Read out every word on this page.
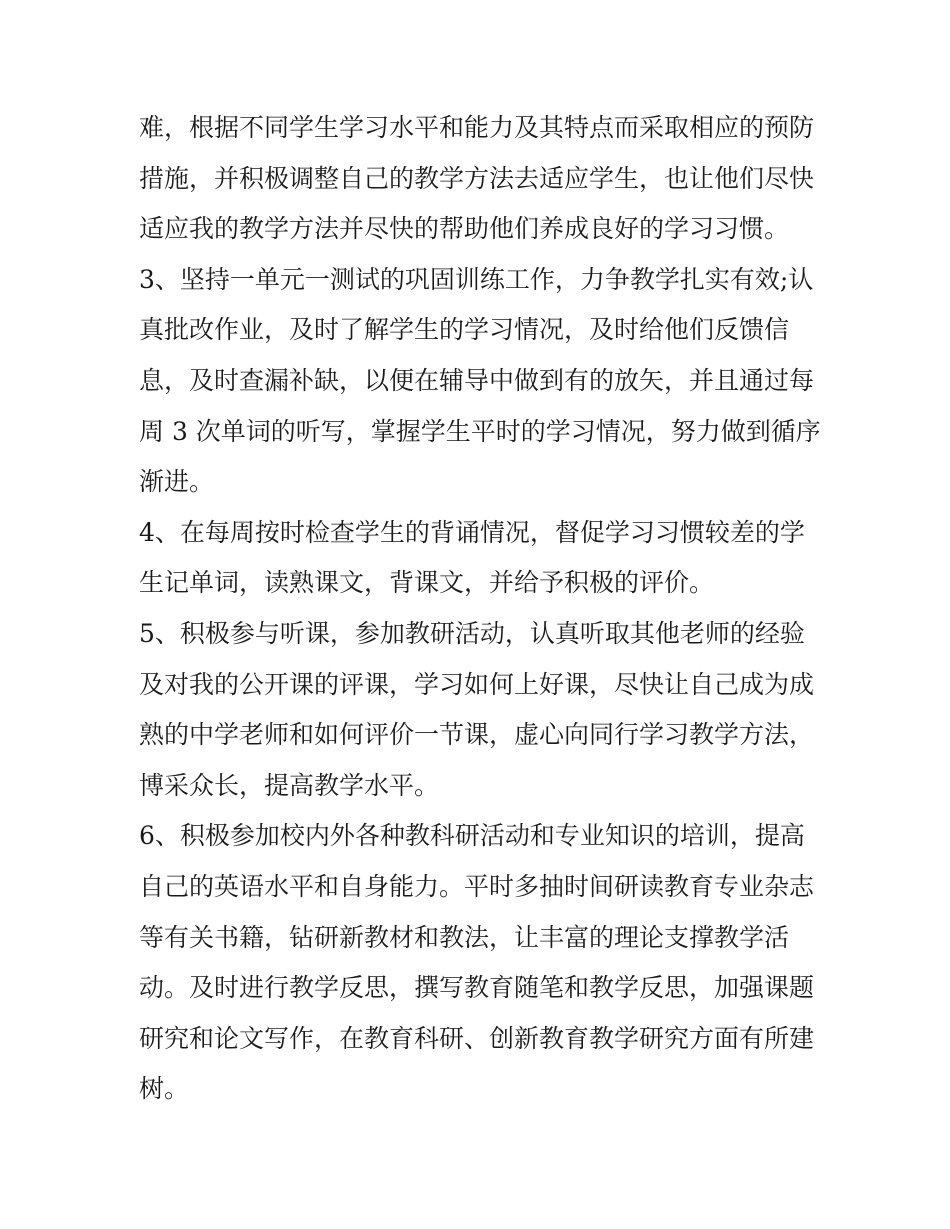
难，根据不同学生学习水平和能力及其特点而采取相应的预防
措施，并积极调整自己的教学方法去适应学生，也让他们尽快
适应我的教学方法并尽快的帮助他们养成良好的学习习惯。
3、坚持一单元一测试的巩固训练工作，力争教学扎实有效;认
真批改作业，及时了解学生的学习情况，及时给他们反馈信
息，及时查漏补缺，以便在辅导中做到有的放矢，并且通过每
周 3 次单词的听写，掌握学生平时的学习情况，努力做到循序
渐进。
4、在每周按时检查学生的背诵情况，督促学习习惯较差的学
生记单词，读熟课文，背课文，并给予积极的评价。
5、积极参与听课，参加教研活动，认真听取其他老师的经验
及对我的公开课的评课，学习如何上好课，尽快让自己成为成
熟的中学老师和如何评价一节课，虚心向同行学习教学方法，
博采众长，提高教学水平。
6、积极参加校内外各种教科研活动和专业知识的培训，提高
自己的英语水平和自身能力。平时多抽时间研读教育专业杂志
等有关书籍，钻研新教材和教法，让丰富的理论支撑教学活
动。及时进行教学反思，撰写教育随笔和教学反思，加强课题
研究和论文写作，在教育科研、创新教育教学研究方面有所建
树。
